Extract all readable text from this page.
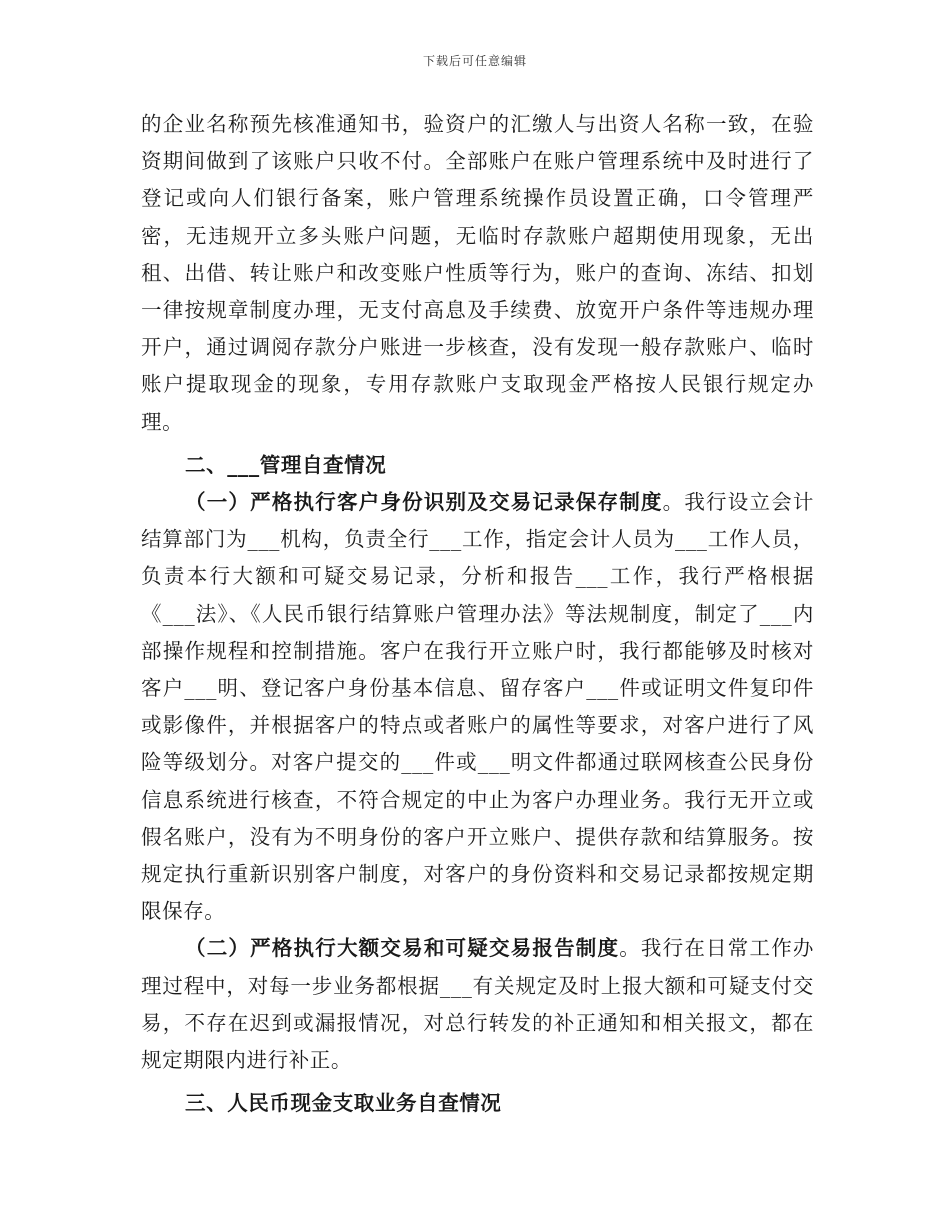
下载后可任意编辑

的企业名称预先核准通知书，验资户的汇缴人与出资人名称一致，在验资期间做到了该账户只收不付。全部账户在账户管理系统中及时进行了登记或向人们银行备案，账户管理系统操作员设置正确，口令管理严密，无违规开立多头账户问题，无临时存款账户超期使用现象，无出租、出借、转让账户和改变账户性质等行为，账户的查询、冻结、扣划一律按规章制度办理，无支付高息及手续费、放宽开户条件等违规办理开户，通过调阅存款分户账进一步核查，没有发现一般存款账户、临时账户提取现金的现象，专用存款账户支取现金严格按人民银行规定办理。

二、___管理自查情况

（一）严格执行客户身份识别及交易记录保存制度。我行设立会计结算部门为___机构，负责全行___工作，指定会计人员为___工作人员，负责本行大额和可疑交易记录，分析和报告___工作，我行严格根据《___法》、《人民币银行结算账户管理办法》等法规制度，制定了___内部操作规程和控制措施。客户在我行开立账户时，我行都能够及时核对客户___明、登记客户身份基本信息、留存客户___件或证明文件复印件或影像件，并根据客户的特点或者账户的属性等要求，对客户进行了风险等级划分。对客户提交的___件或___明文件都通过联网核查公民身份信息系统进行核查，不符合规定的中止为客户办理业务。我行无开立或假名账户，没有为不明身份的客户开立账户、提供存款和结算服务。按规定执行重新识别客户制度，对客户的身份资料和交易记录都按规定期限保存。

（二）严格执行大额交易和可疑交易报告制度。我行在日常工作办理过程中，对每一步业务都根据___有关规定及时上报大额和可疑支付交易，不存在迟到或漏报情况，对总行转发的补正通知和相关报文，都在规定期限内进行补正。

三、人民币现金支取业务自查情况
